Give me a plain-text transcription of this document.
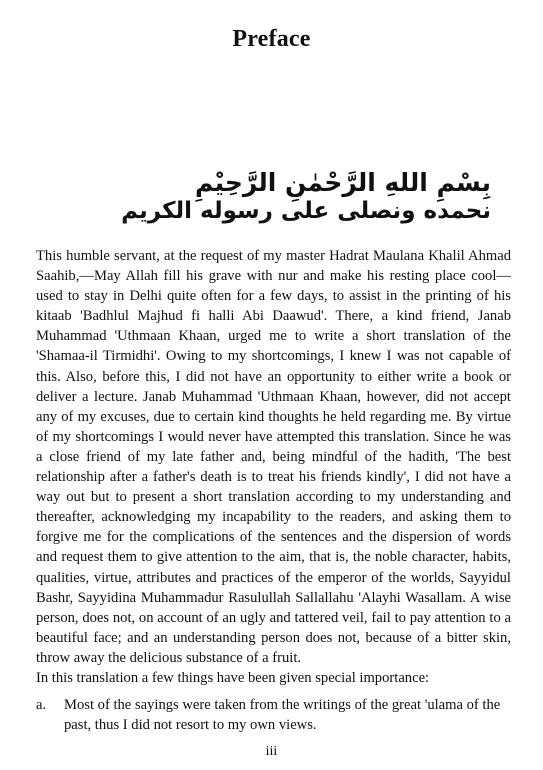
Preface
بِسْمِ اللهِ الرَّحْمٰنِ الرَّحِيْمِ
نحمده ونصلى على رسوله الكريم

This humble servant, at the request of my master Hadrat Maulana Khalil Ahmad Saahib,—May Allah fill his grave with nur and make his resting place cool—used to stay in Delhi quite often for a few days, to assist in the printing of his kitaab 'Badhlul Majhud fi halli Abi Daawud'. There, a kind friend, Janab Muhammad 'Uthmaan Khaan, urged me to write a short translation of the 'Shamaa-il Tirmidhi'. Owing to my shortcomings, I knew I was not capable of this. Also, before this, I did not have an opportunity to either write a book or deliver a lecture. Janab Muhammad 'Uthmaan Khaan, however, did not accept any of my excuses, due to certain kind thoughts he held regarding me. By virtue of my shortcomings I would never have attempted this translation. Since he was a close friend of my late father and, being mindful of the hadith, 'The best relationship after a father's death is to treat his friends kindly', I did not have a way out but to present a short translation according to my understanding and thereafter, acknowledging my incapability to the readers, and asking them to forgive me for the complications of the sentences and the dispersion of words and request them to give attention to the aim, that is, the noble character, habits, qualities, virtue, attributes and practices of the emperor of the worlds, Sayyidul Bashr, Sayyidina Muhammadur Rasulullah Sallallahu 'Alayhi Wasallam. A wise person, does not, on account of an ugly and tattered veil, fail to pay attention to a beautiful face; and an understanding person does not, because of a bitter skin, throw away the delicious substance of a fruit.

In this translation a few things have been given special importance:

a. Most of the sayings were taken from the writings of the great 'ulama of the past, thus I did not resort to my own views.
iii
